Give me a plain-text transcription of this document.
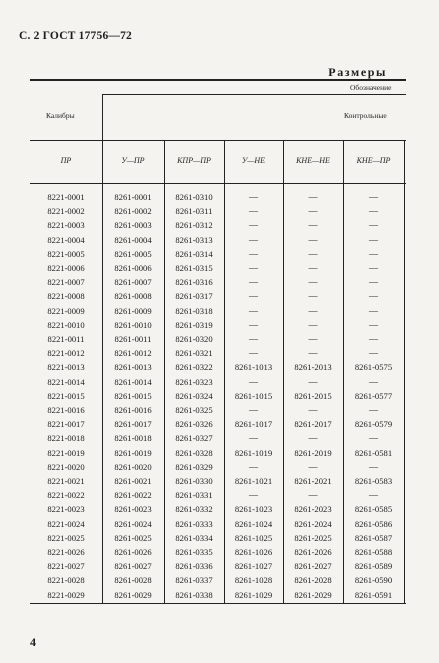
С. 2 ГОСТ 17756—72
Размеры
Обозначение
Калибры	Контрольные
ПР	У—ПР	КПР—ПР	У—НЕ	КНЕ—НЕ	КНЕ—ПР
8221-0001	8261-0001	8261-0310	—	—	—
8221-0002	8261-0002	8261-0311	—	—	—
8221-0003	8261-0003	8261-0312	—	—	—
8221-0004	8261-0004	8261-0313	—	—	—
8221-0005	8261-0005	8261-0314	—	—	—
8221-0006	8261-0006	8261-0315	—	—	—
8221-0007	8261-0007	8261-0316	—	—	—
8221-0008	8261-0008	8261-0317	—	—	—
8221-0009	8261-0009	8261-0318	—	—	—
8221-0010	8261-0010	8261-0319	—	—	—
8221-0011	8261-0011	8261-0320	—	—	—
8221-0012	8261-0012	8261-0321	—	—	—
8221-0013	8261-0013	8261-0322	8261-1013	8261-2013	8261-0575
8221-0014	8261-0014	8261-0323	—	—	—
8221-0015	8261-0015	8261-0324	8261-1015	8261-2015	8261-0577
8221-0016	8261-0016	8261-0325	—	—	—
8221-0017	8261-0017	8261-0326	8261-1017	8261-2017	8261-0579
8221-0018	8261-0018	8261-0327	—	—	—
8221-0019	8261-0019	8261-0328	8261-1019	8261-2019	8261-0581
8221-0020	8261-0020	8261-0329	—	—	—
8221-0021	8261-0021	8261-0330	8261-1021	8261-2021	8261-0583
8221-0022	8261-0022	8261-0331	—	—	—
8221-0023	8261-0023	8261-0332	8261-1023	8261-2023	8261-0585
8221-0024	8261-0024	8261-0333	8261-1024	8261-2024	8261-0586
8221-0025	8261-0025	8261-0334	8261-1025	8261-2025	8261-0587
8221-0026	8261-0026	8261-0335	8261-1026	8261-2026	8261-0588
8221-0027	8261-0027	8261-0336	8261-1027	8261-2027	8261-0589
8221-0028	8261-0028	8261-0337	8261-1028	8261-2028	8261-0590
8221-0029	8261-0029	8261-0338	8261-1029	8261-2029	8261-0591
4
